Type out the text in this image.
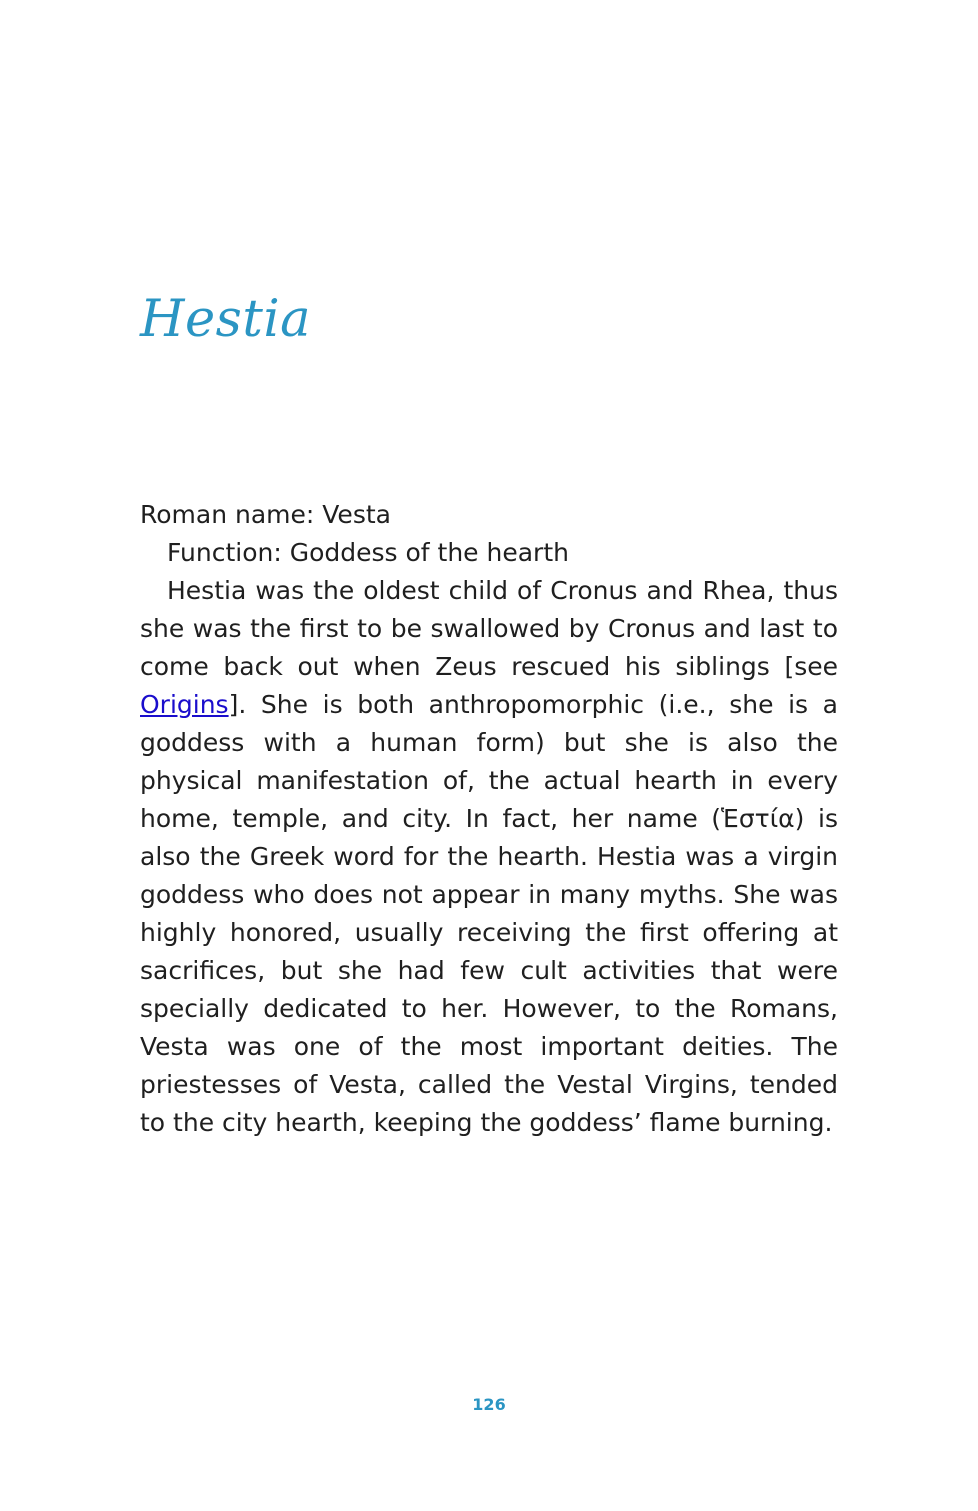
Hestia

Roman name: Vesta

Function: Goddess of the hearth

Hestia was the oldest child of Cronus and Rhea, thus she was the first to be swallowed by Cronus and last to come back out when Zeus rescued his siblings [see Origins]. She is both anthropomorphic (i.e., she is a goddess with a human form) but she is also the physical manifestation of, the actual hearth in every home, temple, and city. In fact, her name (Ἑστία) is also the Greek word for the hearth. Hestia was a virgin goddess who does not appear in many myths. She was highly honored, usually receiving the first offering at sacrifices, but she had few cult activities that were specially dedicated to her. However, to the Romans, Vesta was one of the most important deities. The priestesses of Vesta, called the Vestal Virgins, tended to the city hearth, keeping the goddess’ flame burning.

126
